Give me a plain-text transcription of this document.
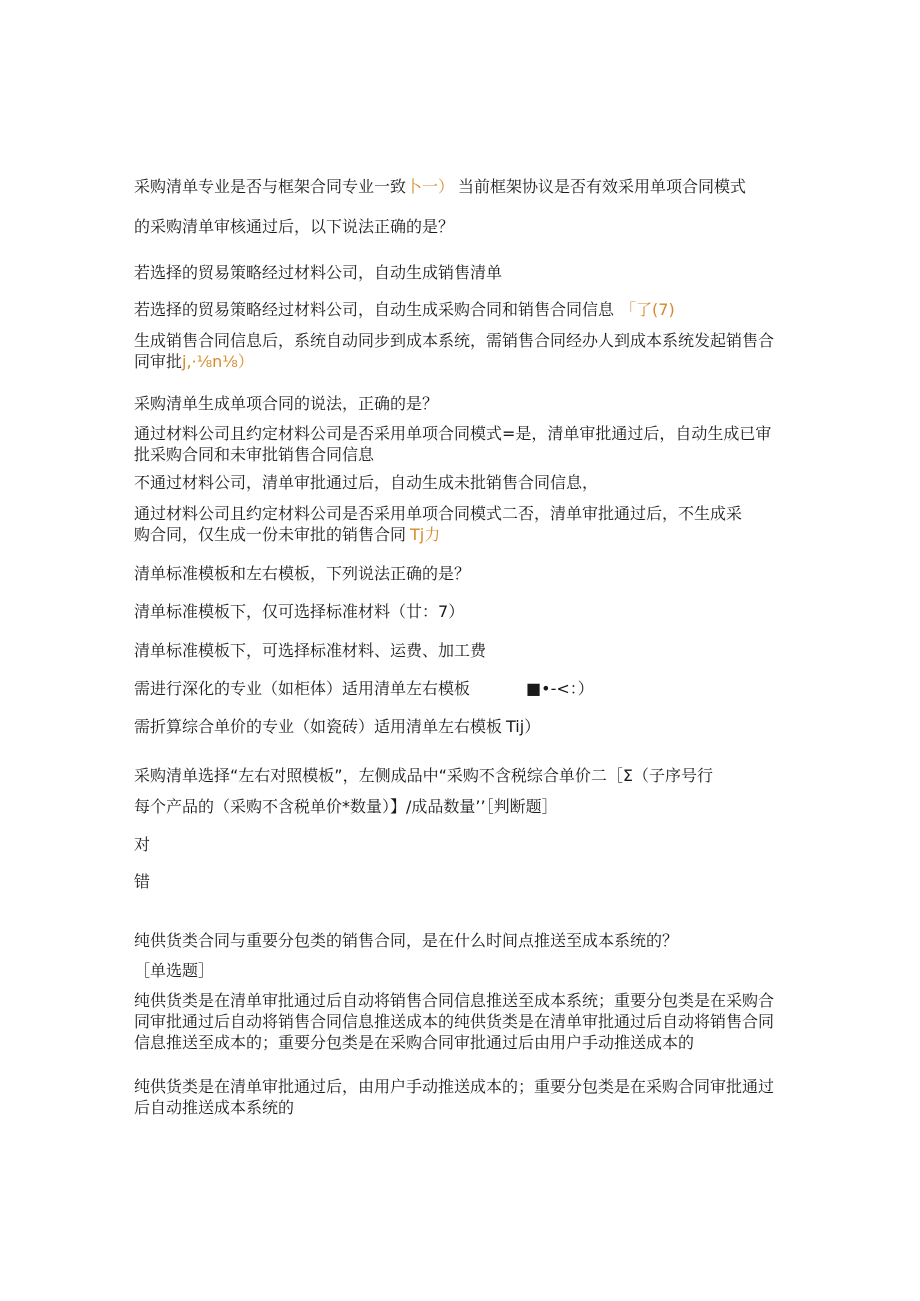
采购清单专业是否与框架合同专业一致卜一） 当前框架协议是否有效采用单项合同模式

的采购清单审核通过后，以下说法正确的是？

若选择的贸易策略经过材料公司，自动生成销售清单

若选择的贸易策略经过材料公司，自动生成采购合同和销售合同信息 「了(7)

生成销售合同信息后，系统自动同步到成本系统，需销售合同经办人到成本系统发起销售合同审批j,·⅛n⅛）

采购清单生成单项合同的说法，正确的是？

通过材料公司且约定材料公司是否采用单项合同模式=是，清单审批通过后，自动生成已审批采购合同和未审批销售合同信息

不通过材料公司，清单审批通过后，自动生成未批销售合同信息，

通过材料公司且约定材料公司是否采用单项合同模式二否，清单审批通过后，不生成采购合同，仅生成一份未审批的销售合同 Tj力

清单标准模板和左右模板，下列说法正确的是？

清单标准模板下，仅可选择标准材料（廿：7）

清单标准模板下，可选择标准材料、运费、加工费

需进行深化的专业（如柜体）适用清单左右模板	■•-<：）

需折算综合单价的专业（如瓷砖）适用清单左右模板 Tij）

采购清单选择“左右对照模板”，左侧成品中“采购不含税综合单价二［Σ（子序号行

每个产品的（采购不含税单价*数量）】/成品数量’’［判断题］

对

错

纯供货类合同与重要分包类的销售合同，是在什么时间点推送至成本系统的？

［单选题］

纯供货类是在清单审批通过后自动将销售合同信息推送至成本系统；重要分包类是在采购合同审批通过后自动将销售合同信息推送成本的纯供货类是在清单审批通过后自动将销售合同信息推送至成本的；重要分包类是在采购合同审批通过后由用户手动推送成本的

纯供货类是在清单审批通过后，由用户手动推送成本的；重要分包类是在采购合同审批通过后自动推送成本系统的
